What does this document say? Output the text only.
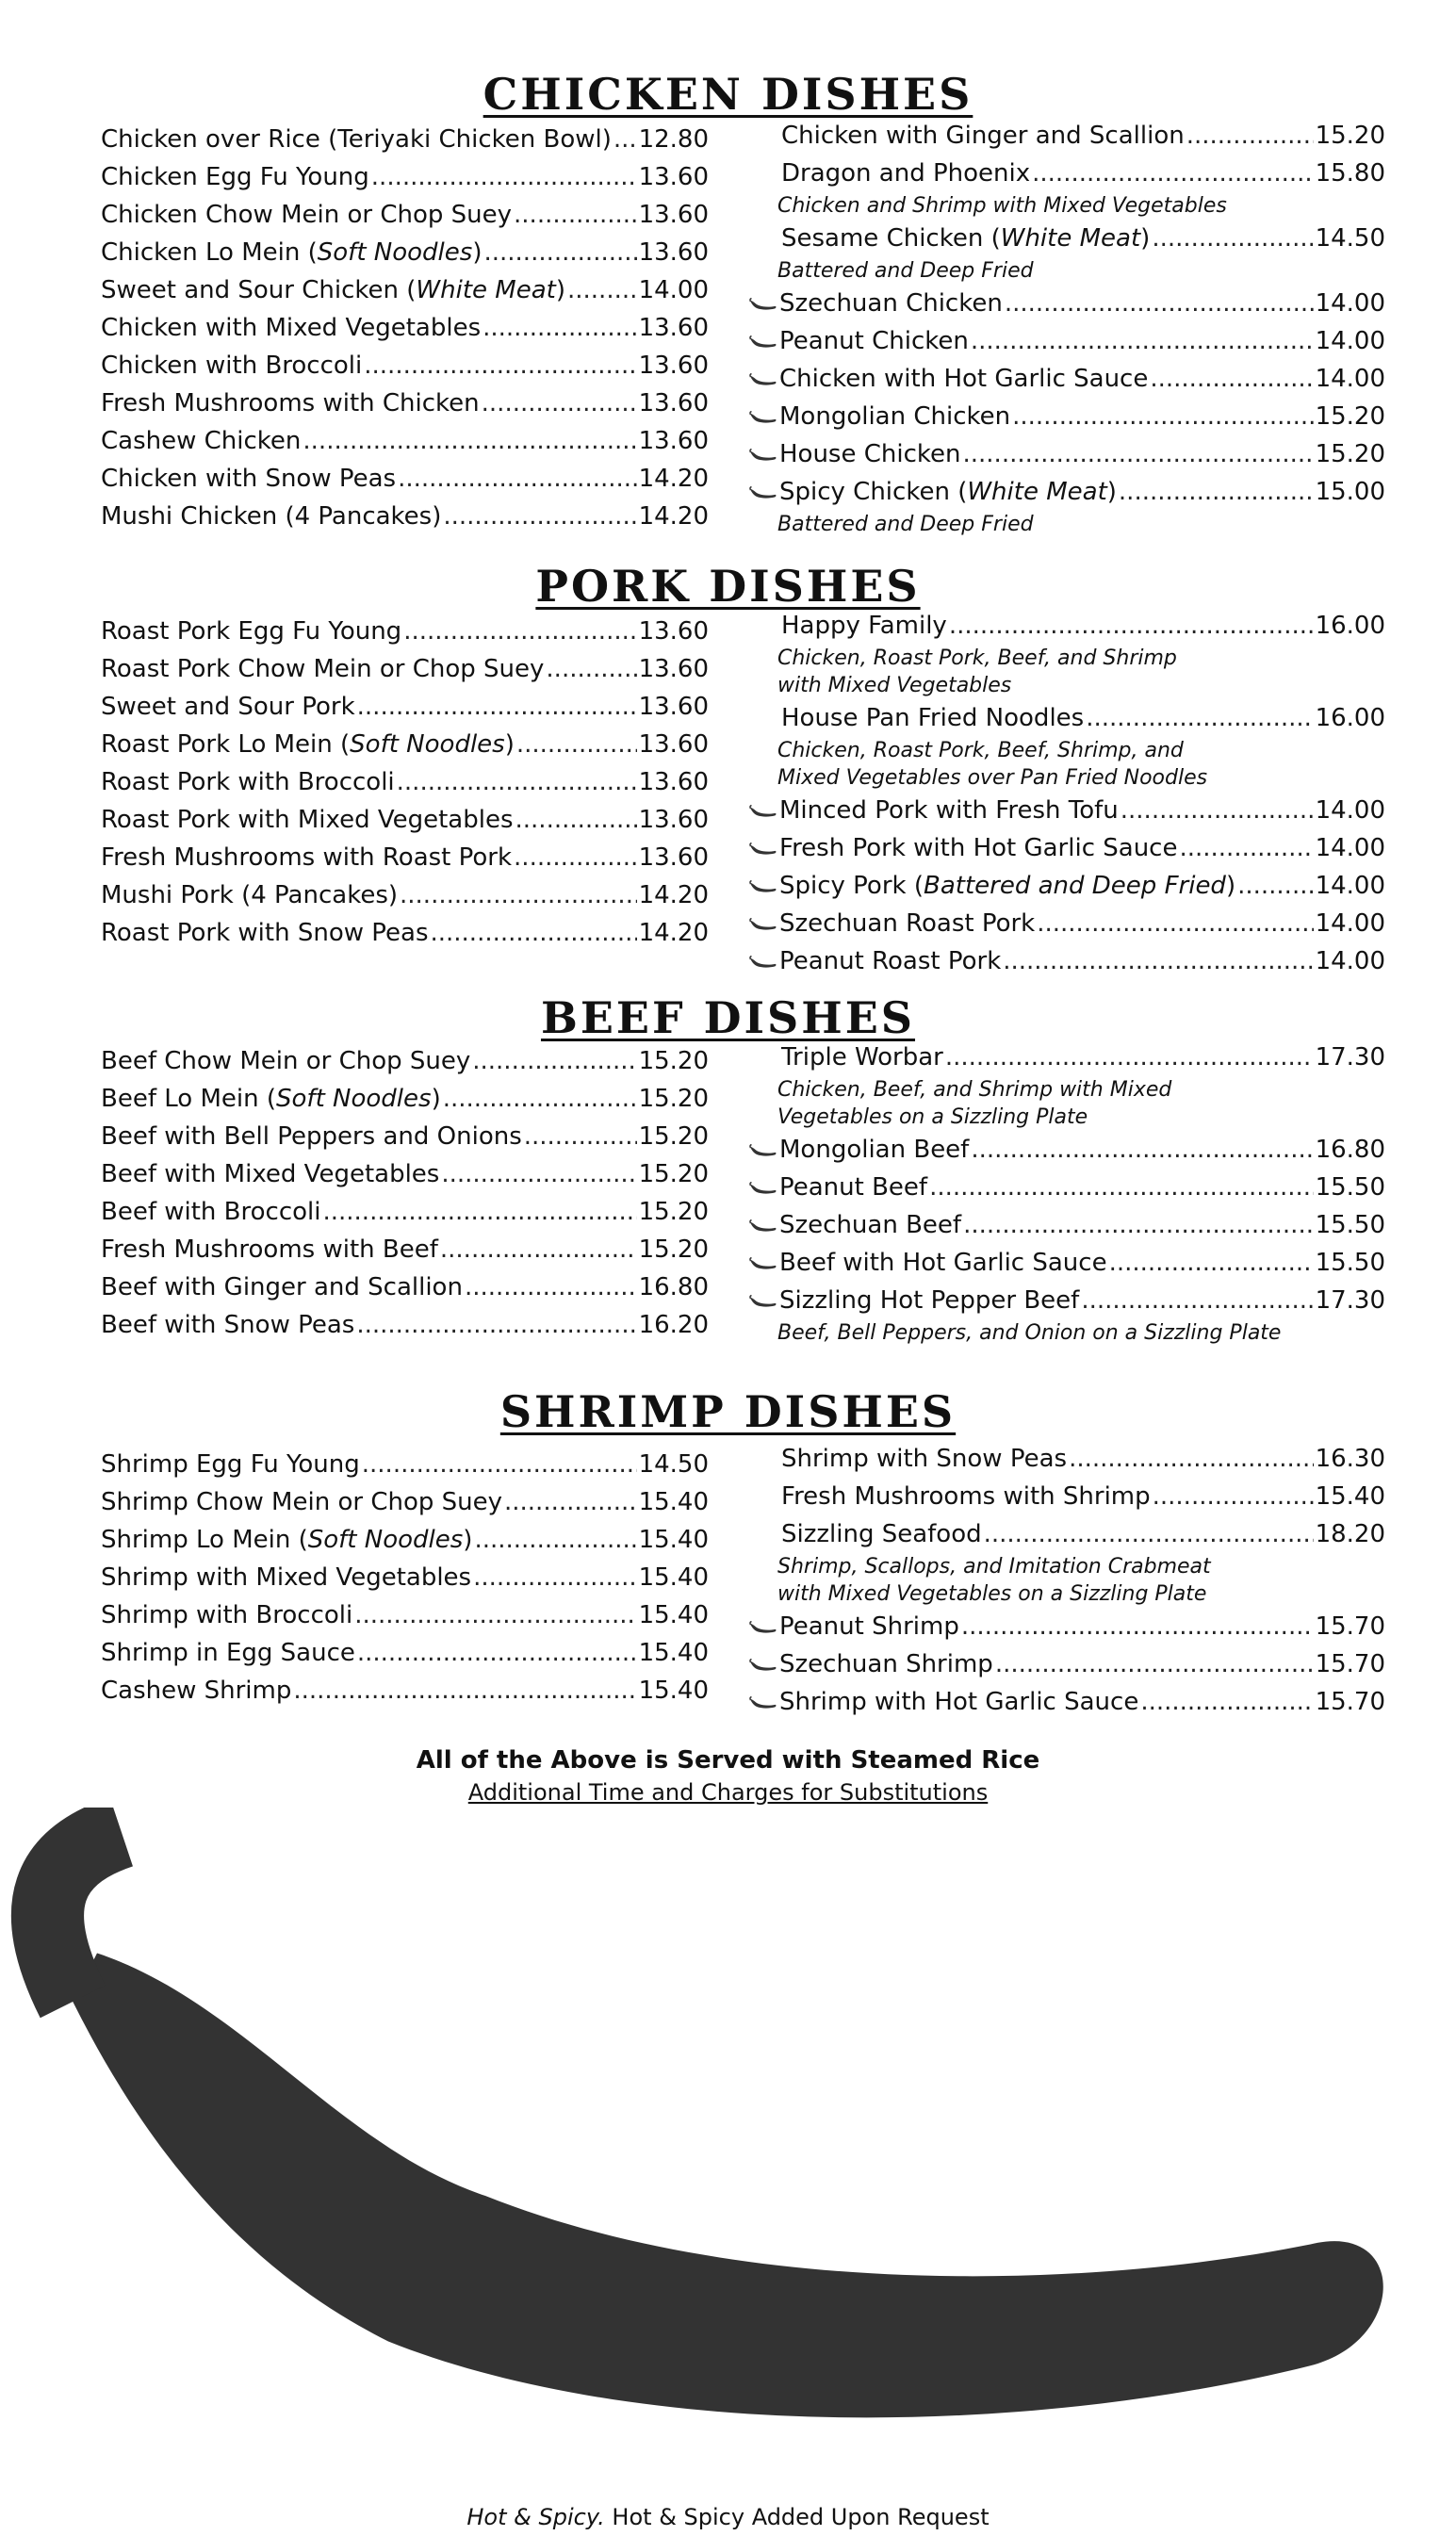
CHICKEN DISHES
Chicken over Rice (Teriyaki Chicken Bowl) ..... 12.80
Chicken Egg Fu Young .....	13.60
Chicken Chow Mein or Chop Suey .....	13.60
Chicken Lo Mein (Soft Noodles) .....	13.60
Sweet and Sour Chicken (White Meat) .....	14.00
Chicken with Mixed Vegetables .....	13.60
Chicken with Broccoli .....	13.60
Fresh Mushrooms with Chicken .....	13.60
Cashew Chicken .....	13.60
Chicken with Snow Peas .....	14.20
Mushi Chicken (4 Pancakes) .....	14.20
Chicken with Ginger and Scallion .....	15.20
Dragon and Phoenix .....	15.80
Chicken and Shrimp with Mixed Vegetables
Sesame Chicken (White Meat) .....	14.50
Battered and Deep Fried
Szechuan Chicken .....	14.00
Peanut Chicken .....	14.00
Chicken with Hot Garlic Sauce .....	14.00
Mongolian Chicken .....	15.20
House Chicken .....	15.20
Spicy Chicken (White Meat) .....	15.00
Battered and Deep Fried
PORK DISHES
Roast Pork Egg Fu Young .....	13.60
Roast Pork Chow Mein or Chop Suey .....	13.60
Sweet and Sour Pork .....	13.60
Roast Pork Lo Mein (Soft Noodles) .....	13.60
Roast Pork with Broccoli .....	13.60
Roast Pork with Mixed Vegetables .....	13.60
Fresh Mushrooms with Roast Pork .....	13.60
Mushi Pork (4 Pancakes) .....	14.20
Roast Pork with Snow Peas .....	14.20
Happy Family .....	16.00
Chicken, Roast Pork, Beef, and Shrimp
with Mixed Vegetables
House Pan Fried Noodles .....	16.00
Chicken, Roast Pork, Beef, Shrimp, and
Mixed Vegetables over Pan Fried Noodles
Minced Pork with Fresh Tofu .....	14.00
Fresh Pork with Hot Garlic Sauce .....	14.00
Spicy Pork (Battered and Deep Fried) .....	14.00
Szechuan Roast Pork .....	14.00
Peanut Roast Pork .....	14.00
BEEF DISHES
Beef Chow Mein or Chop Suey .....	15.20
Beef Lo Mein (Soft Noodles) .....	15.20
Beef with Bell Peppers and Onions .....	15.20
Beef with Mixed Vegetables .....	15.20
Beef with Broccoli .....	15.20
Fresh Mushrooms with Beef .....	15.20
Beef with Ginger and Scallion .....	16.80
Beef with Snow Peas .....	16.20
Triple Worbar .....	17.30
Chicken, Beef, and Shrimp with Mixed
Vegetables on a Sizzling Plate
Mongolian Beef .....	16.80
Peanut Beef .....	15.50
Szechuan Beef .....	15.50
Beef with Hot Garlic Sauce .....	15.50
Sizzling Hot Pepper Beef .....	17.30
Beef, Bell Peppers, and Onion on a Sizzling Plate
SHRIMP DISHES
Shrimp Egg Fu Young .....	14.50
Shrimp Chow Mein or Chop Suey .....	15.40
Shrimp Lo Mein (Soft Noodles) .....	15.40
Shrimp with Mixed Vegetables .....	15.40
Shrimp with Broccoli .....	15.40
Shrimp in Egg Sauce .....	15.40
Cashew Shrimp .....	15.40
Shrimp with Snow Peas .....	16.30
Fresh Mushrooms with Shrimp .....	15.40
Sizzling Seafood .....	18.20
Shrimp, Scallops, and Imitation Crabmeat
with Mixed Vegetables on a Sizzling Plate
Peanut Shrimp .....	15.70
Szechuan Shrimp .....	15.70
Shrimp with Hot Garlic Sauce .....	15.70
All of the Above is Served with Steamed Rice
Additional Time and Charges for Substitutions
Hot & Spicy. Hot & Spicy Added Upon Request
